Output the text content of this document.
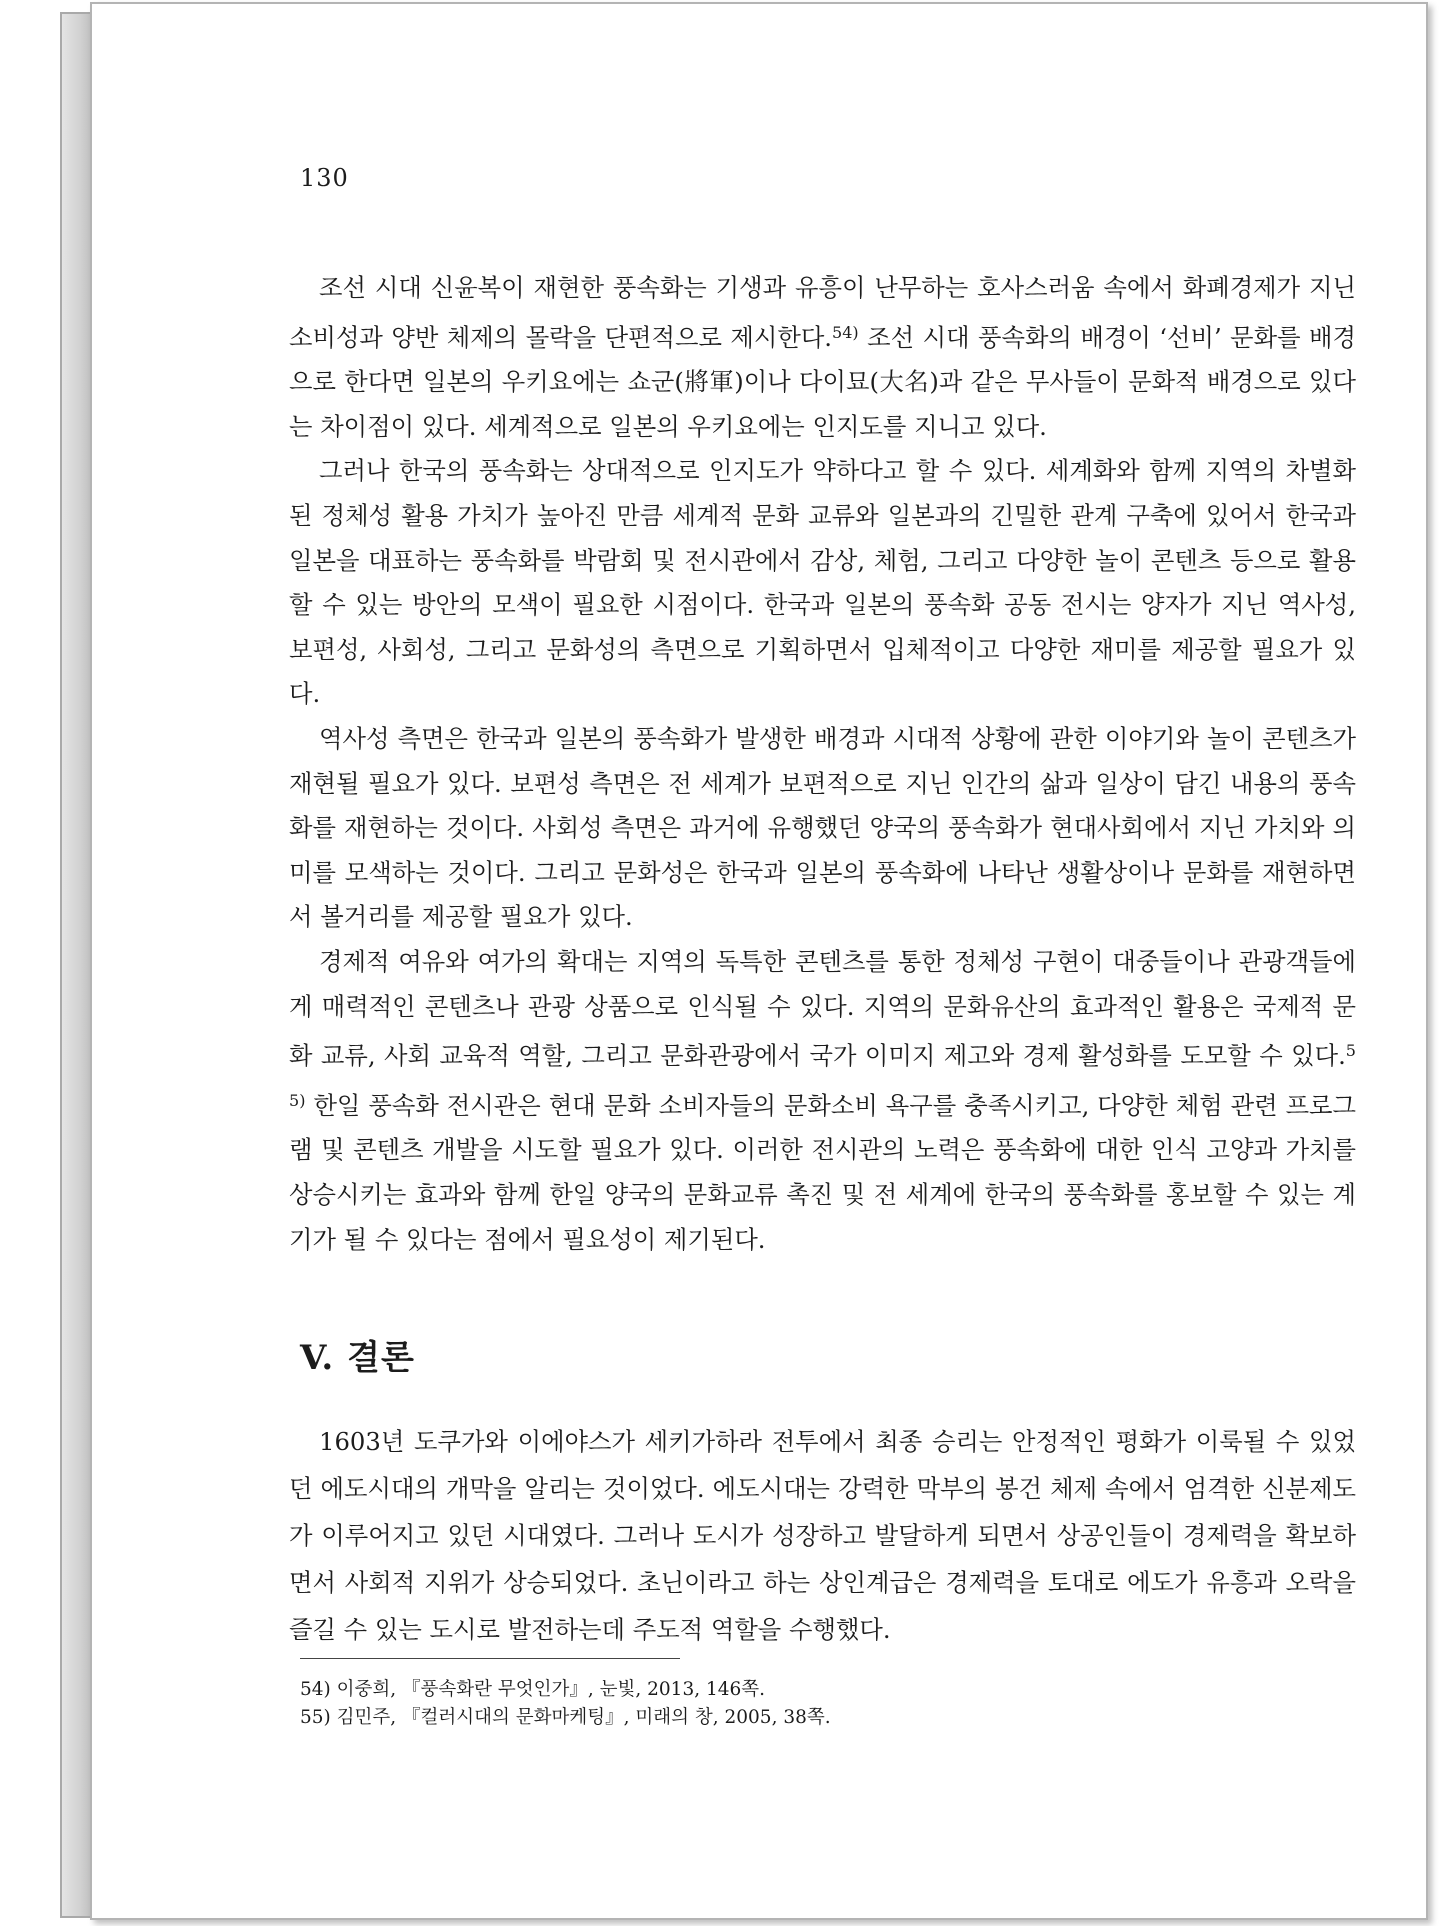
130

조선 시대 신윤복이 재현한 풍속화는 기생과 유흥이 난무하는 호사스러움 속에서 화폐경제가 지닌 소비성과 양반 체제의 몰락을 단편적으로 제시한다.$^{54)}$ 조선 시대 풍속화의 배경이 ‘선비’ 문화를 배경으로 한다면 일본의 우키요에는 쇼군(將軍)이나 다이묘(大名)과 같은 무사들이 문화적 배경으로 있다는 차이점이 있다. 세계적으로 일본의 우키요에는 인지도를 지니고 있다.

그러나 한국의 풍속화는 상대적으로 인지도가 약하다고 할 수 있다. 세계화와 함께 지역의 차별화된 정체성 활용 가치가 높아진 만큼 세계적 문화 교류와 일본과의 긴밀한 관계 구축에 있어서 한국과 일본을 대표하는 풍속화를 박람회 및 전시관에서 감상, 체험, 그리고 다양한 놀이 콘텐츠 등으로 활용할 수 있는 방안의 모색이 필요한 시점이다. 한국과 일본의 풍속화 공동 전시는 양자가 지닌 역사성, 보편성, 사회성, 그리고 문화성의 측면으로 기획하면서 입체적이고 다양한 재미를 제공할 필요가 있다.

역사성 측면은 한국과 일본의 풍속화가 발생한 배경과 시대적 상황에 관한 이야기와 놀이 콘텐츠가 재현될 필요가 있다. 보편성 측면은 전 세계가 보편적으로 지닌 인간의 삶과 일상이 담긴 내용의 풍속화를 재현하는 것이다. 사회성 측면은 과거에 유행했던 양국의 풍속화가 현대사회에서 지닌 가치와 의미를 모색하는 것이다. 그리고 문화성은 한국과 일본의 풍속화에 나타난 생활상이나 문화를 재현하면서 볼거리를 제공할 필요가 있다.

경제적 여유와 여가의 확대는 지역의 독특한 콘텐츠를 통한 정체성 구현이 대중들이나 관광객들에게 매력적인 콘텐츠나 관광 상품으로 인식될 수 있다. 지역의 문화유산의 효과적인 활용은 국제적 문화 교류, 사회 교육적 역할, 그리고 문화관광에서 국가 이미지 제고와 경제 활성화를 도모할 수 있다.$^{55)}$ 한일 풍속화 전시관은 현대 문화 소비자들의 문화소비 욕구를 충족시키고, 다양한 체험 관련 프로그램 및 콘텐츠 개발을 시도할 필요가 있다. 이러한 전시관의 노력은 풍속화에 대한 인식 고양과 가치를 상승시키는 효과와 함께 한일 양국의 문화교류 촉진 및 전 세계에 한국의 풍속화를 홍보할 수 있는 계기가 될 수 있다는 점에서 필요성이 제기된다.

V. 결론

1603년 도쿠가와 이에야스가 세키가하라 전투에서 최종 승리는 안정적인 평화가 이룩될 수 있었던 에도시대의 개막을 알리는 것이었다. 에도시대는 강력한 막부의 봉건 체제 속에서 엄격한 신분제도가 이루어지고 있던 시대였다. 그러나 도시가 성장하고 발달하게 되면서 상공인들이 경제력을 확보하면서 사회적 지위가 상승되었다. 초닌이라고 하는 상인계급은 경제력을 토대로 에도가 유흥과 오락을 즐길 수 있는 도시로 발전하는데 주도적 역할을 수행했다.

54) 이중희, 『풍속화란 무엇인가』, 눈빛, 2013, 146쪽.

55) 김민주, 『컬러시대의 문화마케팅』, 미래의 창, 2005, 38쪽.
